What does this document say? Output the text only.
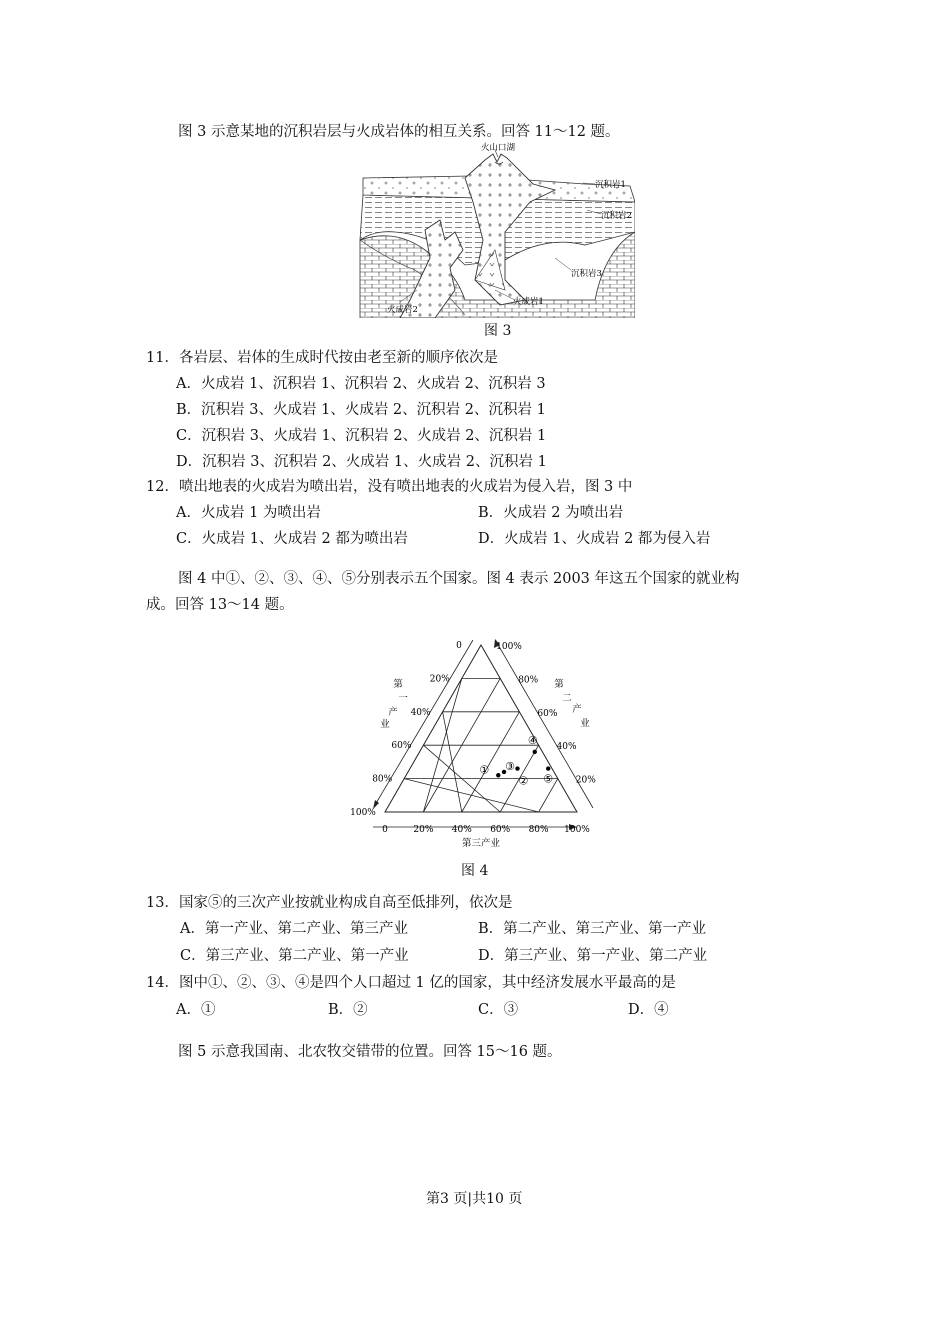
图 3 示意某地的沉积岩层与火成岩体的相互关系。回答 11～12 题。
火山口湖
沉积岩1
沉积岩2
沉积岩3
火成岩1
火成岩2
图 3
11．各岩层、岩体的生成时代按由老至新的顺序依次是
A．火成岩 1、沉积岩 1、沉积岩 2、火成岩 2、沉积岩 3
B．沉积岩 3、火成岩 1、火成岩 2、沉积岩 2、沉积岩 1
C．沉积岩 3、火成岩 1、沉积岩 2、火成岩 2、沉积岩 1
D．沉积岩 3、沉积岩 2、火成岩 1、火成岩 2、沉积岩 1
12．喷出地表的火成岩为喷出岩，没有喷出地表的火成岩为侵入岩，图 3 中
A．火成岩 1 为喷出岩	B．火成岩 2 为喷出岩
C．火成岩 1、火成岩 2 都为喷出岩	D．火成岩 1、火成岩 2 都为侵入岩
图 4 中①、②、③、④、⑤分别表示五个国家。图 4 表示 2003 年这五个国家的就业构
成。回答 13～14 题。
0
20%
40%
60%
80%
100%
100%
80%
60%
40%
20%
0	20% 40% 60% 80% 100%
第
一
产
业
第
二
产
业
第三产业
①
②
③
④
⑤
图 4
13．国家⑤的三次产业按就业构成自高至低排列，依次是
A．第一产业、第二产业、第三产业	B．第二产业、第三产业、第一产业
C．第三产业、第二产业、第一产业	D．第三产业、第一产业、第二产业
14．图中①、②、③、④是四个人口超过 1 亿的国家，其中经济发展水平最高的是
A．①	B．②	C．③	D．④
图 5 示意我国南、北农牧交错带的位置。回答 15～16 题。
第3 页|共10 页
